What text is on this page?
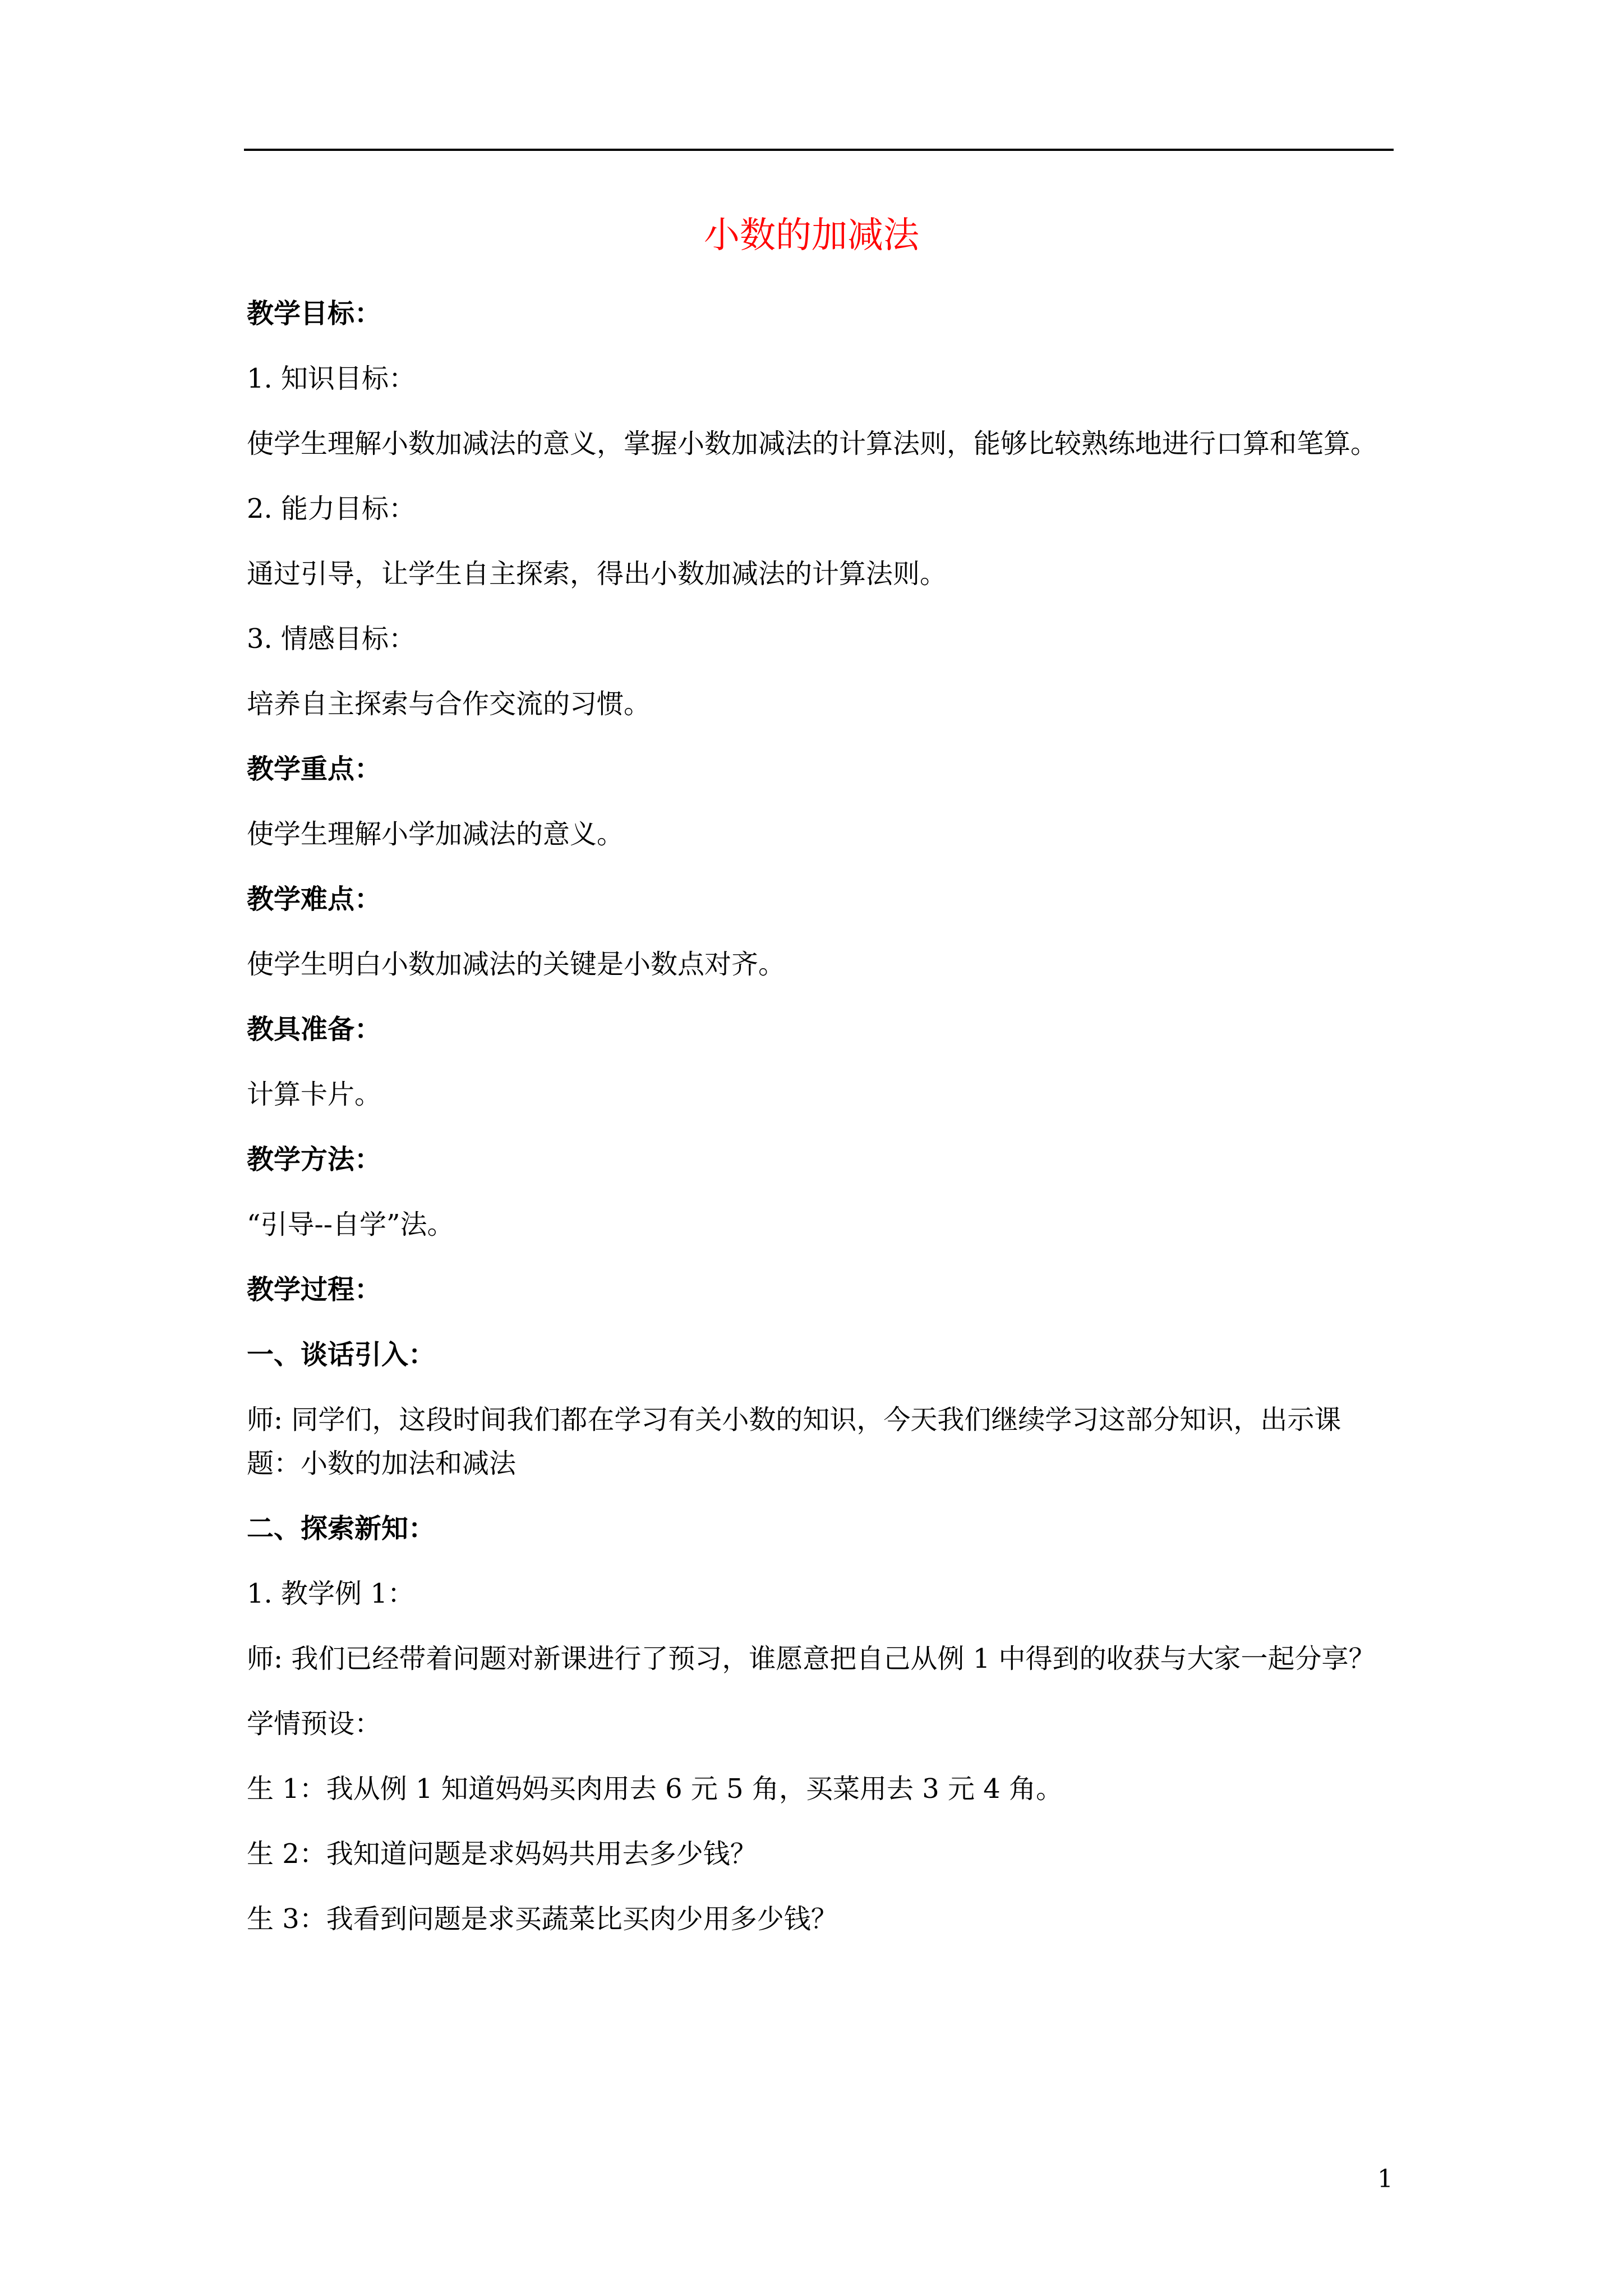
小数的加减法

教学目标：

1. 知识目标：

使学生理解小数加减法的意义，掌握小数加减法的计算法则，能够比较熟练地进行口算和笔算。

2. 能力目标：

通过引导，让学生自主探索，得出小数加减法的计算法则。

3. 情感目标：

培养自主探索与合作交流的习惯。

教学重点：

使学生理解小学加减法的意义。

教学难点：

使学生明白小数加减法的关键是小数点对齐。

教具准备：

计算卡片。

教学方法：

“引导--自学”法。

教学过程：

一、谈话引入：

师: 同学们，这段时间我们都在学习有关小数的知识，今天我们继续学习这部分知识，出示课题：小数的加法和减法

二、探索新知：

1. 教学例 1：

师: 我们已经带着问题对新课进行了预习，谁愿意把自己从例 1 中得到的收获与大家一起分享？

学情预设：

生 1：我从例 1 知道妈妈买肉用去 6 元 5 角，买菜用去 3 元 4 角。

生 2：我知道问题是求妈妈共用去多少钱？

生 3：我看到问题是求买蔬菜比买肉少用多少钱？

1
